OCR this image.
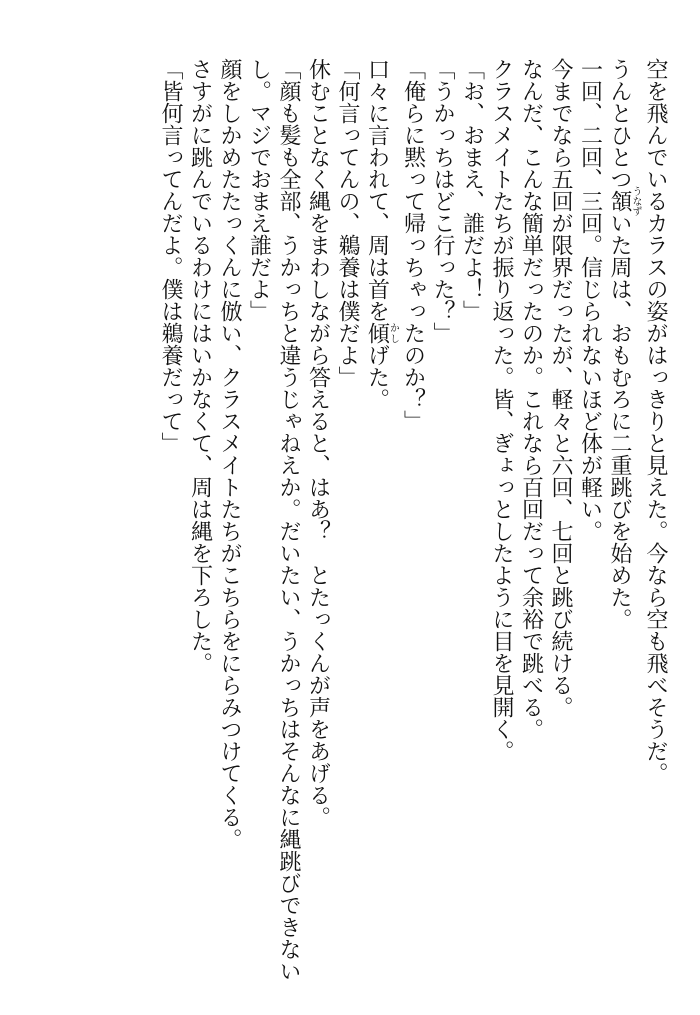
空を飛んでいるカラスの姿がはっきりと見えた。今なら空も飛べそうだ。
うんとひとつ頷うなずいた周は、おもむろに二重跳びを始めた。
一回、二回、三回。信じられないほど体が軽い。
今までなら五回が限界だったが、軽々と六回、七回と跳び続ける。
なんだ、こんな簡単だったのか。これなら百回だって余裕で跳べる。
クラスメイトたちが振り返った。皆、ぎょっとしたように目を見開く。
「お、おまえ、誰だよ！」
「うかっちはどこ行った？」
「俺らに黙って帰っちゃったのか？」
口々に言われて、周は首を傾かしげた。
「何言ってんの、鵜養は僕だよ」
休むことなく縄をまわしながら答えると、はあ？　とたっくんが声をあげる。
「顔も髪も全部、うかっちと違うじゃねえか。だいたい、うかっちはそんなに縄跳びできない
し。マジでおまえ誰だよ」
顔をしかめたたっくんに倣い、クラスメイトたちがこちらをにらみつけてくる。
さすがに跳んでいるわけにはいかなくて、周は縄を下ろした。
「皆何言ってんだよ。僕は鵜養だって」
